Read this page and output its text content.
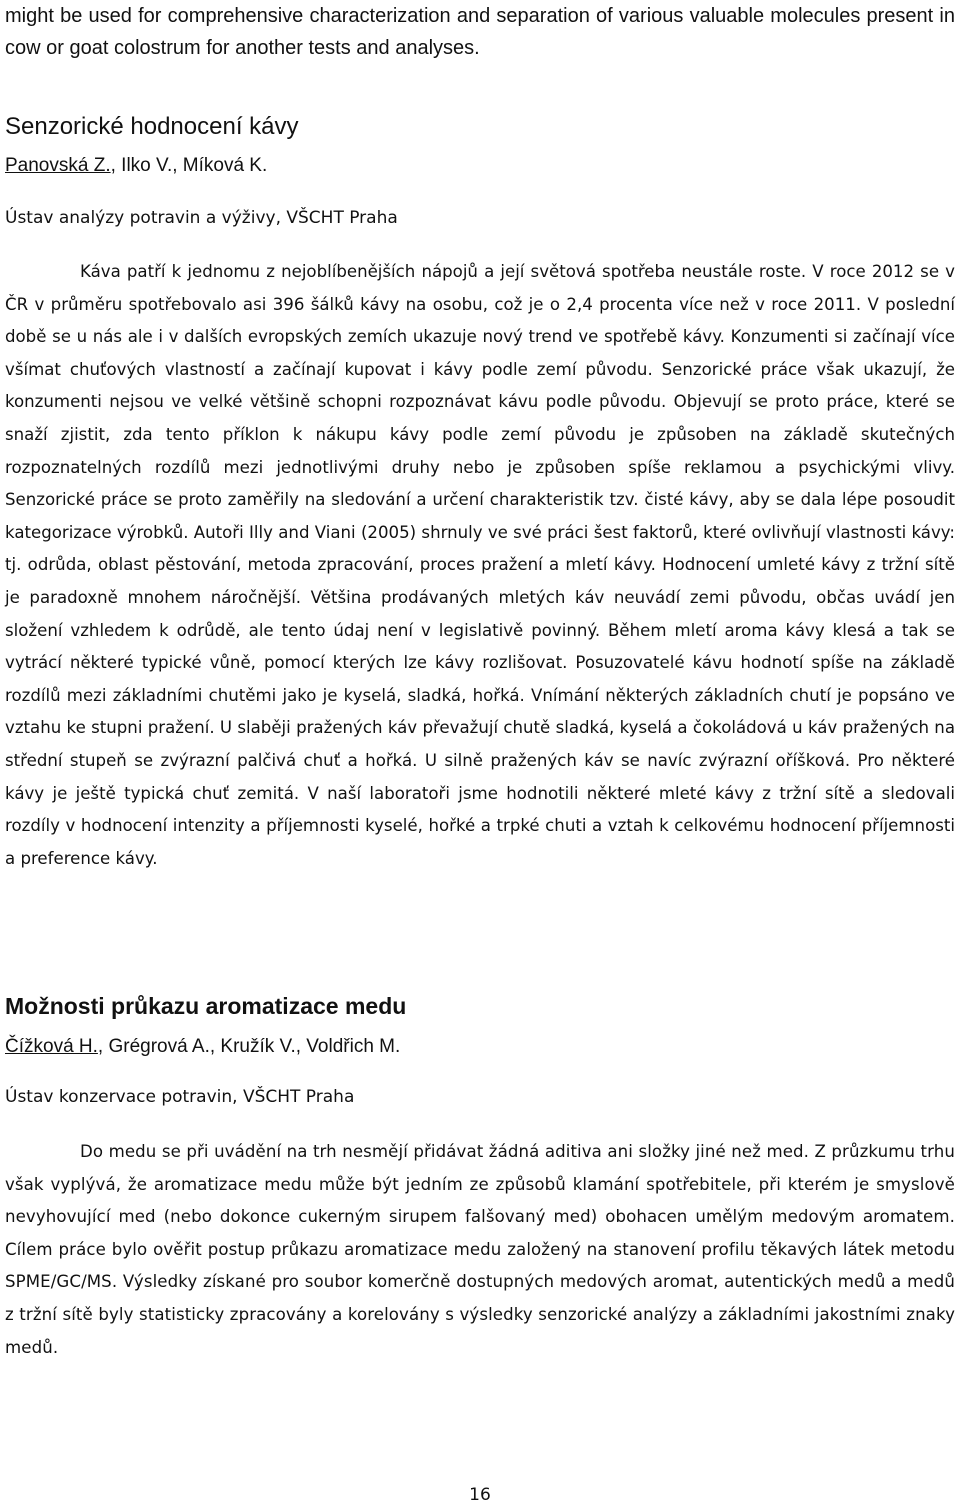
might be used for comprehensive characterization and separation of various valuable molecules present in cow or goat colostrum for another tests and analyses.

Senzorické hodnocení kávy

Panovská Z., Ilko V., Míková K.

Ústav analýzy potravin a výživy, VŠCHT Praha

Káva patří k jednomu z nejoblíbenějších nápojů a její světová spotřeba neustále roste. V roce 2012 se v ČR v průměru spotřebovalo asi 396 šálků kávy na osobu, což je o 2,4 procenta více než v roce 2011. V poslední době se u nás ale i v dalších evropských zemích ukazuje nový trend ve spotřebě kávy. Konzumenti si začínají více všímat chuťových vlastností a začínají kupovat i kávy podle zemí původu. Senzorické práce však ukazují, že konzumenti nejsou ve velké většině schopni rozpoznávat kávu podle původu. Objevují se proto práce, které se snaží zjistit, zda tento příklon k nákupu kávy podle zemí původu je způsoben na základě skutečných rozpoznatelných rozdílů mezi jednotlivými druhy nebo je způsoben spíše reklamou a psychickými vlivy. Senzorické práce se proto zaměřily na sledování a určení charakteristik tzv. čisté kávy, aby se dala lépe posoudit kategorizace výrobků. Autoři Illy and Viani (2005) shrnuly ve své práci šest faktorů, které ovlivňují vlastnosti kávy: tj. odrůda, oblast pěstování, metoda zpracování, proces pražení a mletí kávy. Hodnocení umleté kávy z tržní sítě je paradoxně mnohem náročnější. Většina prodávaných mletých káv neuvádí zemi původu, občas uvádí jen složení vzhledem k odrůdě, ale tento údaj není v legislativě povinný. Během mletí aroma kávy klesá a tak se vytrácí některé typické vůně, pomocí kterých lze kávy rozlišovat. Posuzovatelé kávu hodnotí spíše na základě rozdílů mezi základními chutěmi jako je kyselá, sladká, hořká. Vnímání některých základních chutí je popsáno ve vztahu ke stupni pražení. U slaběji pražených káv převažují chutě sladká, kyselá a čokoládová u káv pražených na střední stupeň se zvýrazní palčivá chuť a hořká. U silně pražených káv se navíc zvýrazní oříšková. Pro některé kávy je ještě typická chuť zemitá. V naší laboratoři jsme hodnotili některé mleté kávy z tržní sítě a sledovali rozdíly v hodnocení intenzity a příjemnosti kyselé, hořké a trpké chuti a vztah k celkovému hodnocení příjemnosti a preference kávy.

Možnosti průkazu aromatizace medu

Čížková H., Grégrová A., Kružík V., Voldřich M.

Ústav konzervace potravin, VŠCHT Praha

Do medu se při uvádění na trh nesmějí přidávat žádná aditiva ani složky jiné než med. Z průzkumu trhu však vyplývá, že aromatizace medu může být jedním ze způsobů klamání spotřebitele, při kterém je smyslově nevyhovující med (nebo dokonce cukerným sirupem falšovaný med) obohacen umělým medovým aromatem. Cílem práce bylo ověřit postup průkazu aromatizace medu založený na stanovení profilu těkavých látek metodu SPME/GC/MS. Výsledky získané pro soubor komerčně dostupných medových aromat, autentických medů a medů z tržní sítě byly statisticky zpracovány a korelovány s výsledky senzorické analýzy a základními jakostními znaky medů.

16
